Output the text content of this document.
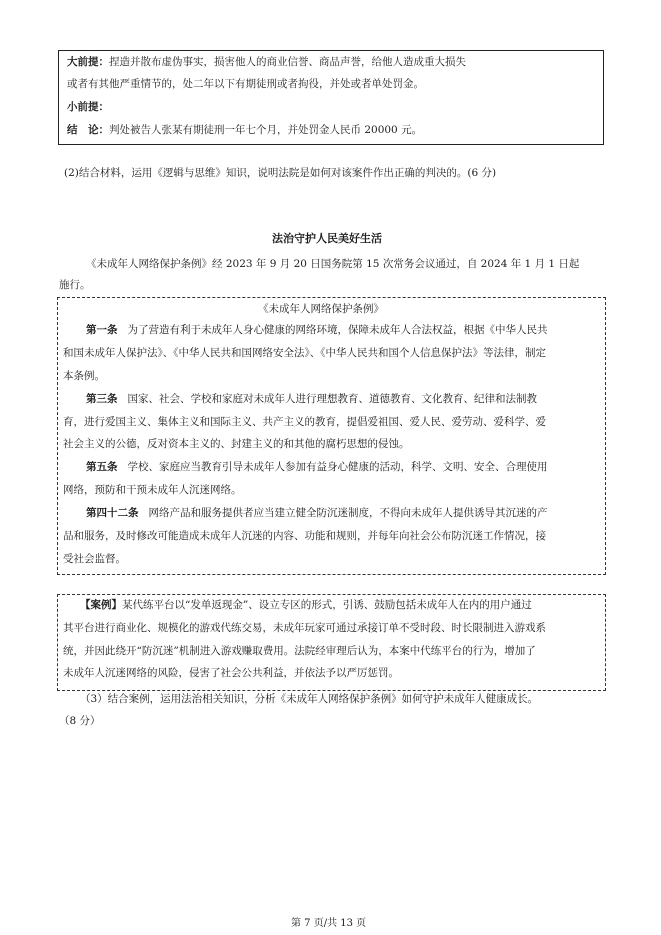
大前提：捏造并散布虚伪事实，损害他人的商业信誉、商品声誉，给他人造成重大损失
或者有其他严重情节的，处二年以下有期徒刑或者拘役，并处或者单处罚金。
小前提：
结　论：判处被告人张某有期徒刑一年七个月，并处罚金人民币 20000 元。
(2)结合材料，运用《逻辑与思维》知识，说明法院是如何对该案件作出正确的判决的。(6 分)
法治守护人民美好生活
《未成年人网络保护条例》经 2023 年 9 月 20 日国务院第 15 次常务会议通过，自 2024 年 1 月 1 日起
施行。
《未成年人网络保护条例》
第一条 为了营造有利于未成年人身心健康的网络环境，保障未成年人合法权益，根据《中华人民共
和国未成年人保护法》、《中华人民共和国网络安全法》、《中华人民共和国个人信息保护法》等法律，制定
本条例。
第三条 国家、社会、学校和家庭对未成年人进行理想教育、道德教育、文化教育、纪律和法制教
育，进行爱国主义、集体主义和国际主义、共产主义的教育，提倡爱祖国、爱人民、爱劳动、爱科学、爱
社会主义的公德，反对资本主义的、封建主义的和其他的腐朽思想的侵蚀。
第五条 学校、家庭应当教育引导未成年人参加有益身心健康的活动，科学、文明、安全、合理使用
网络，预防和干预未成年人沉迷网络。
第四十二条 网络产品和服务提供者应当建立健全防沉迷制度，不得向未成年人提供诱导其沉迷的产
品和服务，及时修改可能造成未成年人沉迷的内容、功能和规则，并每年向社会公布防沉迷工作情况，接
受社会监督。
【案例】某代练平台以“发单返现金”、设立专区的形式，引诱、鼓励包括未成年人在内的用户通过
其平台进行商业化、规模化的游戏代练交易，未成年玩家可通过承接订单不受时段、时长限制进入游戏系
统，并因此绕开“防沉迷”机制进入游戏赚取费用。法院经审理后认为，本案中代练平台的行为，增加了
未成年人沉迷网络的风险，侵害了社会公共利益，并依法予以严厉惩罚。
（3）结合案例，运用法治相关知识，分析《未成年人网络保护条例》如何守护未成年人健康成长。
（8 分）
第 7 页/共 13 页
